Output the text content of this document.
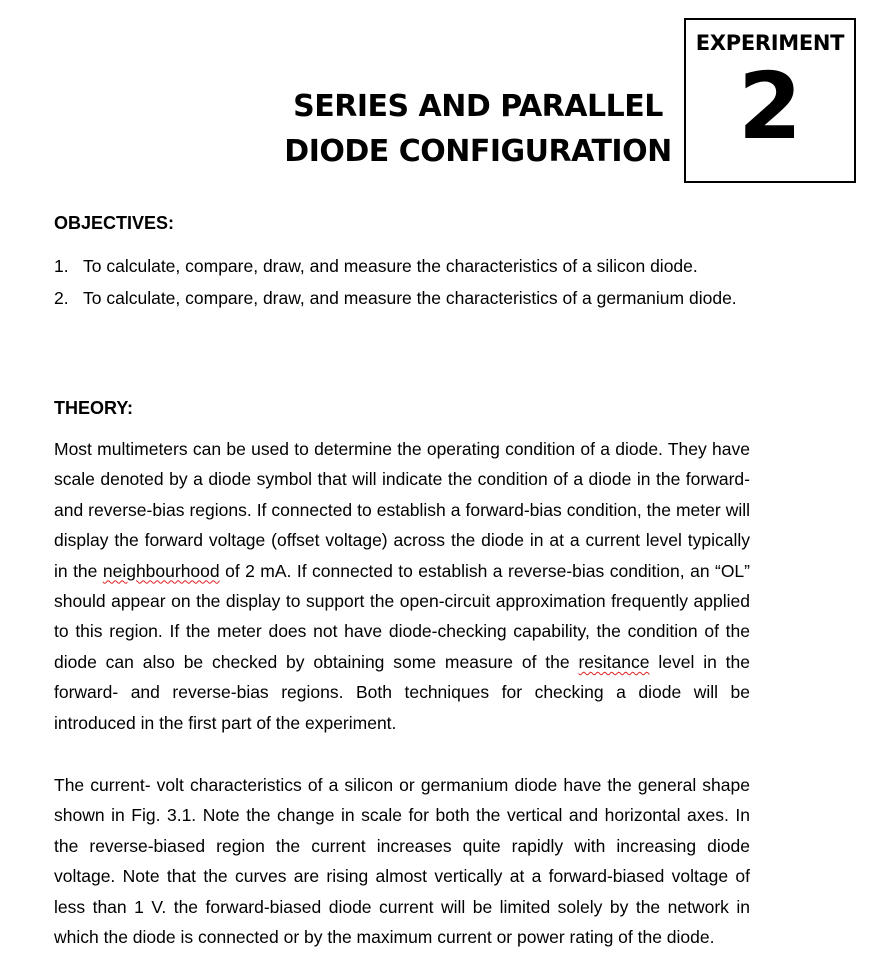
EXPERIMENT
2
SERIES AND PARALLEL
DIODE CONFIGURATION
OBJECTIVES:
1. To calculate, compare, draw, and measure the characteristics of a silicon diode.
2. To calculate, compare, draw, and measure the characteristics of a germanium diode.
THEORY:
Most multimeters can be used to determine the operating condition of a diode. They have scale denoted by a diode symbol that will indicate the condition of a diode in the forward- and reverse-bias regions. If connected to establish a forward-bias condition, the meter will display the forward voltage (offset voltage) across the diode in at a current level typically in the neighbourhood of 2 mA. If connected to establish a reverse-bias condition, an “OL” should appear on the display to support the open-circuit approximation frequently applied to this region. If the meter does not have diode-checking capability, the condition of the diode can also be checked by obtaining some measure of the resitance level in the forward- and reverse-bias regions. Both techniques for checking a diode will be introduced in the first part of the experiment.
The current- volt characteristics of a silicon or germanium diode have the general shape shown in Fig. 3.1. Note the change in scale for both the vertical and horizontal axes. In the reverse-biased region the current increases quite rapidly with increasing diode voltage. Note that the curves are rising almost vertically at a forward-biased voltage of less than 1 V. the forward-biased diode current will be limited solely by the network in which the diode is connected or by the maximum current or power rating of the diode.
